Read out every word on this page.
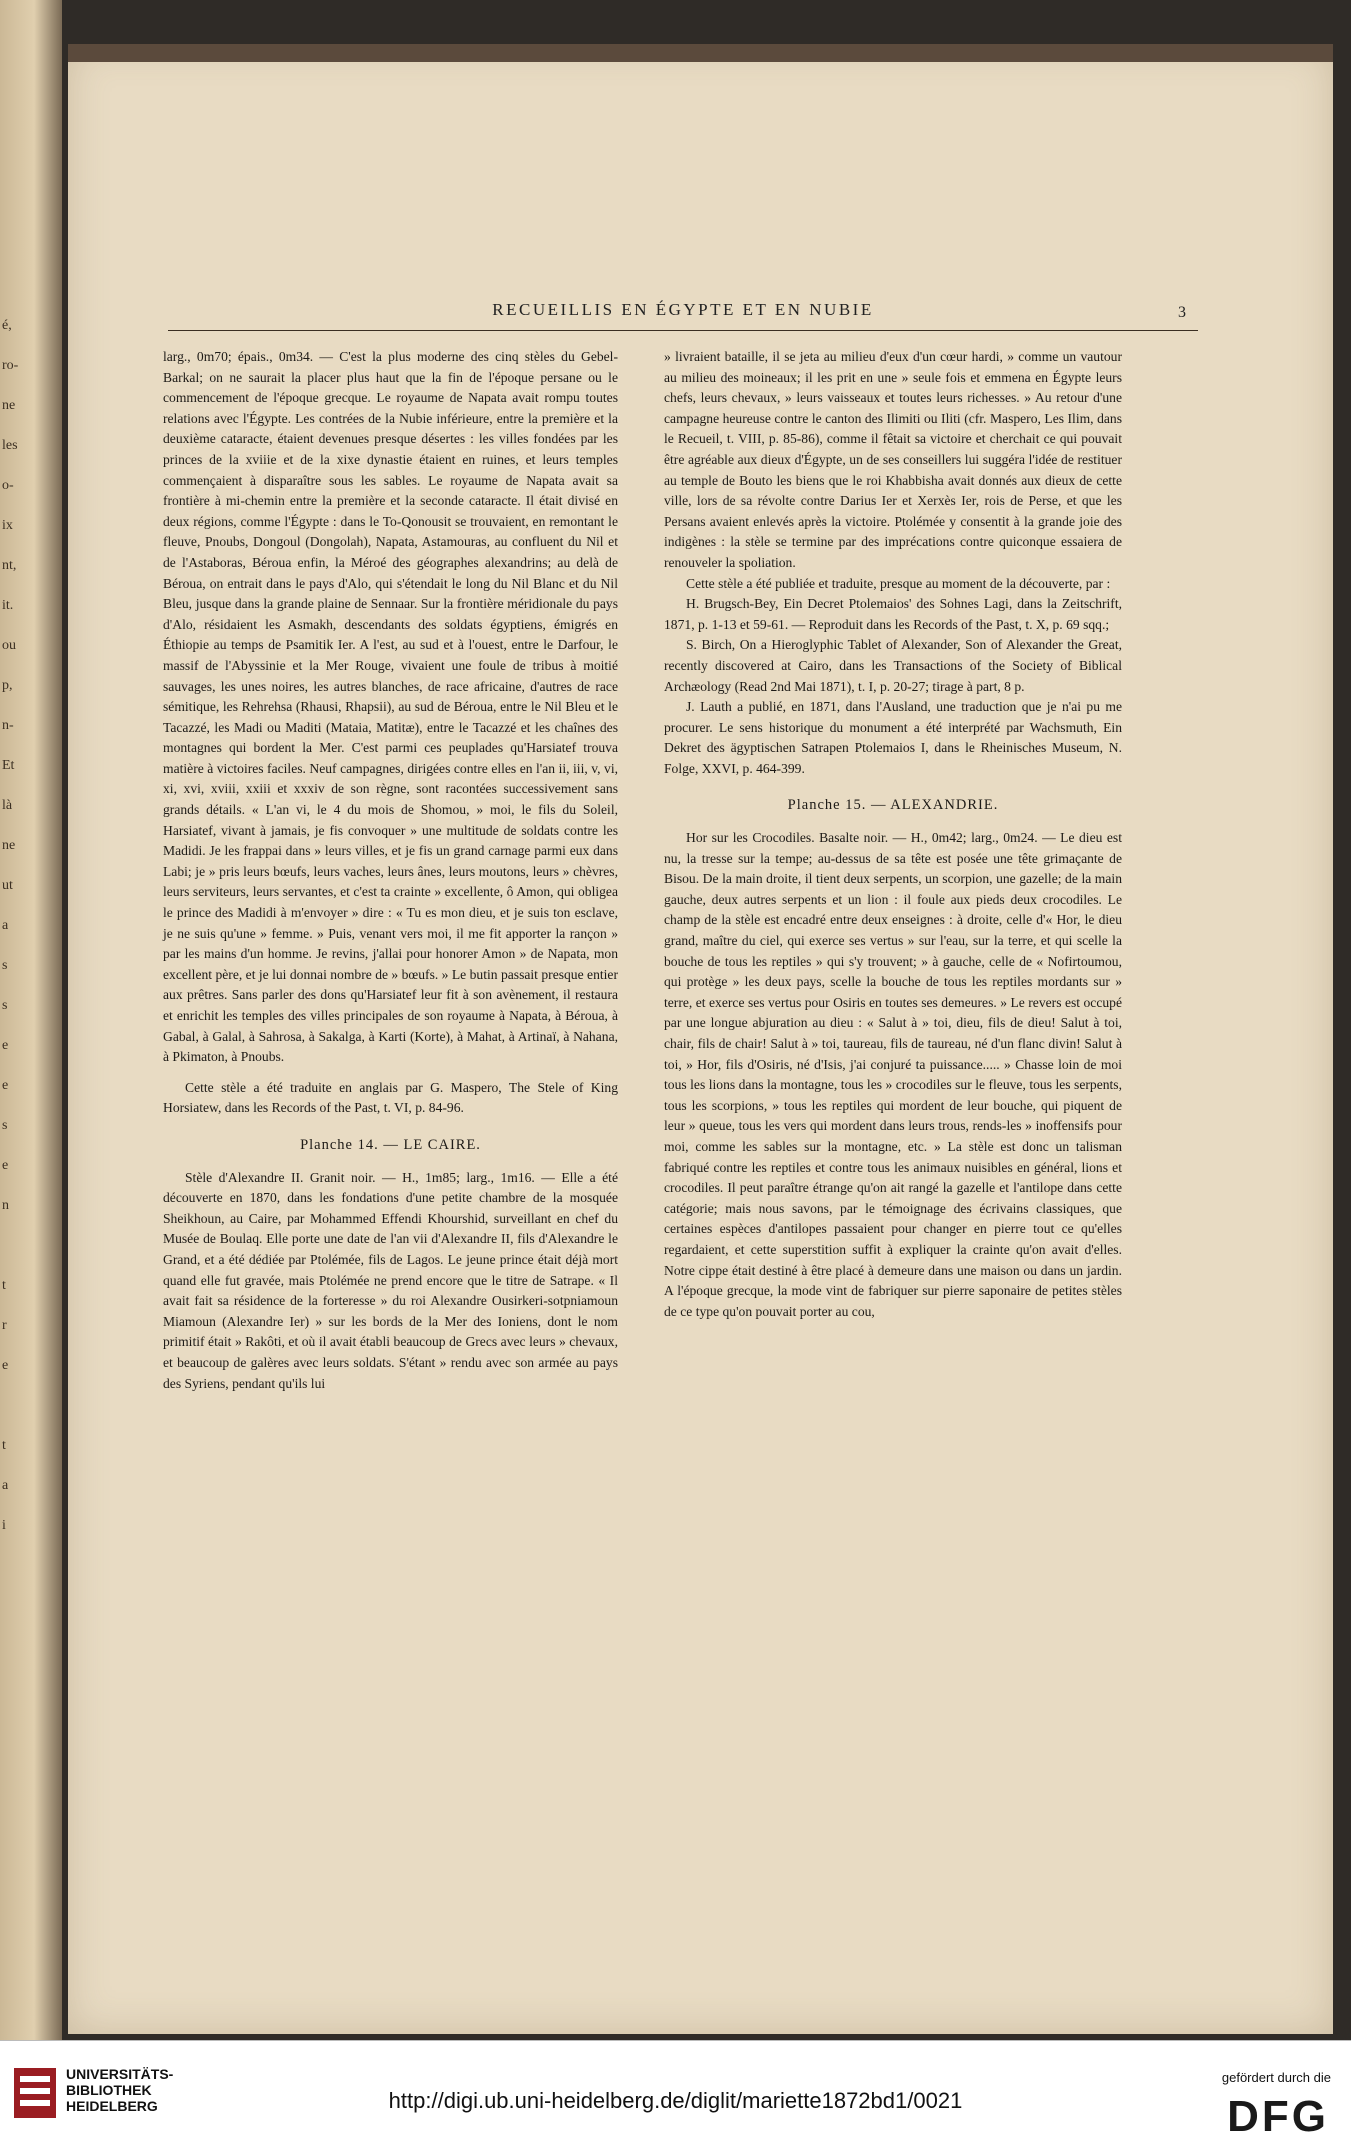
é,
ro-
ne
les
o-
ix
nt,
it.
ou
p,
n-
Et
là
ne
ut
a
s
s
e
e
s
e
n
t
r
e
t
a
i
RECUEILLIS EN ÉGYPTE ET EN NUBIE	3

larg., 0m70; épais., 0m34. — C'est la plus moderne des cinq stèles du Gebel-Barkal; on ne saurait la placer plus haut que la fin de l'époque persane ou le commencement de l'époque grecque. Le royaume de Napata avait rompu toutes relations avec l'Égypte. Les contrées de la Nubie inférieure, entre la première et la deuxième cataracte, étaient devenues presque désertes : les villes fondées par les princes de la xviiie et de la xixe dynastie étaient en ruines, et leurs temples commençaient à disparaître sous les sables. Le royaume de Napata avait sa frontière à mi-chemin entre la première et la seconde cataracte. Il était divisé en deux régions, comme l'Égypte : dans le To-Qonousit se trouvaient, en remontant le fleuve, Pnoubs, Dongoul (Dongolah), Napata, Astamouras, au confluent du Nil et de l'Astaboras, Béroua enfin, la Méroé des géographes alexandrins; au delà de Béroua, on entrait dans le pays d'Alo, qui s'étendait le long du Nil Blanc et du Nil Bleu, jusque dans la grande plaine de Sennaar. Sur la frontière méridionale du pays d'Alo, résidaient les Asmakh, descendants des soldats égyptiens, émigrés en Éthiopie au temps de Psamitik Ier. A l'est, au sud et à l'ouest, entre le Darfour, le massif de l'Abyssinie et la Mer Rouge, vivaient une foule de tribus à moitié sauvages, les unes noires, les autres blanches, de race africaine, d'autres de race sémitique, les Rehrehsa (Rhausi, Rhapsii), au sud de Béroua, entre le Nil Bleu et le Tacazzé, les Madi ou Maditi (Mataia, Matitæ), entre le Tacazzé et les chaînes des montagnes qui bordent la Mer. C'est parmi ces peuplades qu'Harsiatef trouva matière à victoires faciles. Neuf campagnes, dirigées contre elles en l'an ii, iii, v, vi, xi, xvi, xviii, xxiii et xxxiv de son règne, sont racontées successivement sans grands détails. « L'an vi, le 4 du mois de Shomou, » moi, le fils du Soleil, Harsiatef, vivant à jamais, je fis convoquer » une multitude de soldats contre les Madidi. Je les frappai dans » leurs villes, et je fis un grand carnage parmi eux dans Labi; je » pris leurs bœufs, leurs vaches, leurs ânes, leurs moutons, leurs » chèvres, leurs serviteurs, leurs servantes, et c'est ta crainte » excellente, ô Amon, qui obligea le prince des Madidi à m'envoyer » dire : « Tu es mon dieu, et je suis ton esclave, je ne suis qu'une » femme. » Puis, venant vers moi, il me fit apporter la rançon » par les mains d'un homme. Je revins, j'allai pour honorer Amon » de Napata, mon excellent père, et je lui donnai nombre de » bœufs. » Le butin passait presque entier aux prêtres. Sans parler des dons qu'Harsiatef leur fit à son avènement, il restaura et enrichit les temples des villes principales de son royaume à Napata, à Béroua, à Gabal, à Galal, à Sahrosa, à Sakalga, à Karti (Korte), à Mahat, à Artinaï, à Nahana, à Pkimaton, à Pnoubs.

Cette stèle a été traduite en anglais par G. Maspero, The Stele of King Horsiatew, dans les Records of the Past, t. VI, p. 84-96.

Planche 14. — LE CAIRE.

Stèle d'Alexandre II. Granit noir. — H., 1m85; larg., 1m16. — Elle a été découverte en 1870, dans les fondations d'une petite chambre de la mosquée Sheikhoun, au Caire, par Mohammed Effendi Khourshid, surveillant en chef du Musée de Boulaq. Elle porte une date de l'an vii d'Alexandre II, fils d'Alexandre le Grand, et a été dédiée par Ptolémée, fils de Lagos. Le jeune prince était déjà mort quand elle fut gravée, mais Ptolémée ne prend encore que le titre de Satrape. « Il avait fait sa résidence de la forteresse » du roi Alexandre Ousirkeri-sotpniamoun Miamoun (Alexandre Ier) » sur les bords de la Mer des Ioniens, dont le nom primitif était » Rakôti, et où il avait établi beaucoup de Grecs avec leurs » chevaux, et beaucoup de galères avec leurs soldats. S'étant » rendu avec son armée au pays des Syriens, pendant qu'ils lui

» livraient bataille, il se jeta au milieu d'eux d'un cœur hardi, » comme un vautour au milieu des moineaux; il les prit en une » seule fois et emmena en Égypte leurs chefs, leurs chevaux, » leurs vaisseaux et toutes leurs richesses. » Au retour d'une campagne heureuse contre le canton des Ilimiti ou Iliti (cfr. Maspero, Les Ilim, dans le Recueil, t. VIII, p. 85-86), comme il fêtait sa victoire et cherchait ce qui pouvait être agréable aux dieux d'Égypte, un de ses conseillers lui suggéra l'idée de restituer au temple de Bouto les biens que le roi Khabbisha avait donnés aux dieux de cette ville, lors de sa révolte contre Darius Ier et Xerxès Ier, rois de Perse, et que les Persans avaient enlevés après la victoire. Ptolémée y consentit à la grande joie des indigènes : la stèle se termine par des imprécations contre quiconque essaiera de renouveler la spoliation.

Cette stèle a été publiée et traduite, presque au moment de la découverte, par :

H. Brugsch-Bey, Ein Decret Ptolemaios' des Sohnes Lagi, dans la Zeitschrift, 1871, p. 1-13 et 59-61. — Reproduit dans les Records of the Past, t. X, p. 69 sqq.;

S. Birch, On a Hieroglyphic Tablet of Alexander, Son of Alexander the Great, recently discovered at Cairo, dans les Transactions of the Society of Biblical Archæology (Read 2nd Mai 1871), t. I, p. 20-27; tirage à part, 8 p.

J. Lauth a publié, en 1871, dans l'Ausland, une traduction que je n'ai pu me procurer. Le sens historique du monument a été interprété par Wachsmuth, Ein Dekret des ägyptischen Satrapen Ptolemaios I, dans le Rheinisches Museum, N. Folge, XXVI, p. 464-399.

Planche 15. — ALEXANDRIE.

Hor sur les Crocodiles. Basalte noir. — H., 0m42; larg., 0m24. — Le dieu est nu, la tresse sur la tempe; au-dessus de sa tête est posée une tête grimaçante de Bisou. De la main droite, il tient deux serpents, un scorpion, une gazelle; de la main gauche, deux autres serpents et un lion : il foule aux pieds deux crocodiles. Le champ de la stèle est encadré entre deux enseignes : à droite, celle d'« Hor, le dieu grand, maître du ciel, qui exerce ses vertus » sur l'eau, sur la terre, et qui scelle la bouche de tous les reptiles » qui s'y trouvent; » à gauche, celle de « Nofirtoumou, qui protège » les deux pays, scelle la bouche de tous les reptiles mordants sur » terre, et exerce ses vertus pour Osiris en toutes ses demeures. » Le revers est occupé par une longue abjuration au dieu : « Salut à » toi, dieu, fils de dieu! Salut à toi, chair, fils de chair! Salut à » toi, taureau, fils de taureau, né d'un flanc divin! Salut à toi, » Hor, fils d'Osiris, né d'Isis, j'ai conjuré ta puissance..... » Chasse loin de moi tous les lions dans la montagne, tous les » crocodiles sur le fleuve, tous les serpents, tous les scorpions, » tous les reptiles qui mordent de leur bouche, qui piquent de leur » queue, tous les vers qui mordent dans leurs trous, rends-les » inoffensifs pour moi, comme les sables sur la montagne, etc. » La stèle est donc un talisman fabriqué contre les reptiles et contre tous les animaux nuisibles en général, lions et crocodiles. Il peut paraître étrange qu'on ait rangé la gazelle et l'antilope dans cette catégorie; mais nous savons, par le témoignage des écrivains classiques, que certaines espèces d'antilopes passaient pour changer en pierre tout ce qu'elles regardaient, et cette superstition suffit à expliquer la crainte qu'on avait d'elles. Notre cippe était destiné à être placé à demeure dans une maison ou dans un jardin. A l'époque grecque, la mode vint de fabriquer sur pierre saponaire de petites stèles de ce type qu'on pouvait porter au cou,

UNIVERSITÄTS-
BIBLIOTHEK
HEIDELBERG	http://digi.ub.uni-heidelberg.de/diglit/mariette1872bd1/0021
gefördert durch die
DFG
